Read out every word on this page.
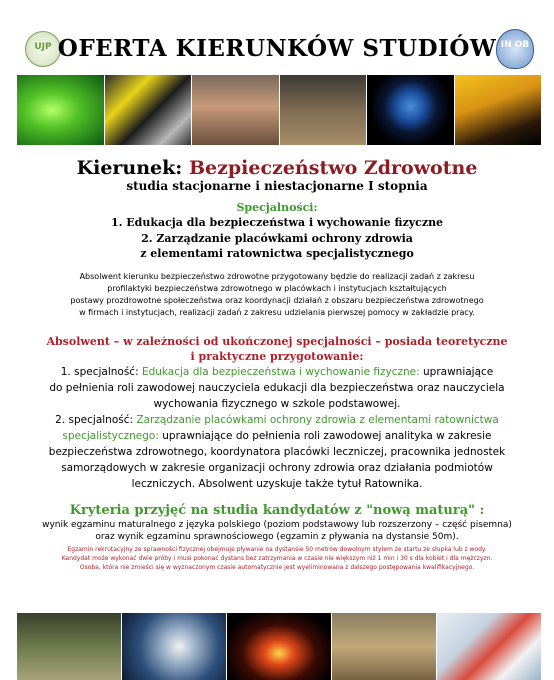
UJP OFERTA KIERUNKÓW STUDIÓW IN OB
Kierunek: Bezpieczeństwo Zdrowotne
studia stacjonarne i niestacjonarne I stopnia
Specjalności:
1. Edukacja dla bezpieczeństwa i wychowanie fizyczne
2. Zarządzanie placówkami ochrony zdrowia
z elementami ratownictwa specjalistycznego
Absolwent kierunku bezpieczeństwo zdrowotne przygotowany będzie do realizacji zadań z zakresu
profilaktyki bezpieczeństwa zdrowotnego w placówkach i instytucjach kształtujących
postawy prozdrowotne społeczeństwa oraz koordynacji działań z obszaru bezpieczeństwa zdrowotnego
w firmach i instytucjach, realizacji zadań z zakresu udzielania pierwszej pomocy w zakładzie pracy.
Absolwent – w zależności od ukończonej specjalności – posiada teoretyczne
i praktyczne przygotowanie:
1. specjalność: Edukacja dla bezpieczeństwa i wychowanie fizyczne: uprawniające
do pełnienia roli zawodowej nauczyciela edukacji dla bezpieczeństwa oraz nauczyciela
wychowania fizycznego w szkole podstawowej.
2. specjalność: Zarządzanie placówkami ochrony zdrowia z elementami ratownictwa
specjalistycznego: uprawniające do pełnienia roli zawodowej analityka w zakresie
bezpieczeństwa zdrowotnego, koordynatora placówki leczniczej, pracownika jednostek
samorządowych w zakresie organizacji ochrony zdrowia oraz działania podmiotów
leczniczych. Absolwent uzyskuje także tytuł Ratownika.
Kryteria przyjęć na studia kandydatów z "nową maturą" :
wynik egzaminu maturalnego z języka polskiego (poziom podstawowy lub rozszerzony – część pisemna)
oraz wynik egzaminu sprawnościowego (egzamin z pływania na dystansie 50m).
Egzamin rekrutacyjny ze sprawności fizycznej obejmuje pływanie na dystansie 50 metrów dowolnym stylem ze startu ze słupka lub z wody.
Kandydat może wykonać dwie próby i musi pokonać dystans bez zatrzymania w czasie nie większym niż 1 min i 30 s dla kobiet i dla mężczyzn.
Osoba, która nie zmieści się w wyznaczonym czasie automatycznie jest wyeliminowana z dalszego postępowania kwalifikacyjnego.
